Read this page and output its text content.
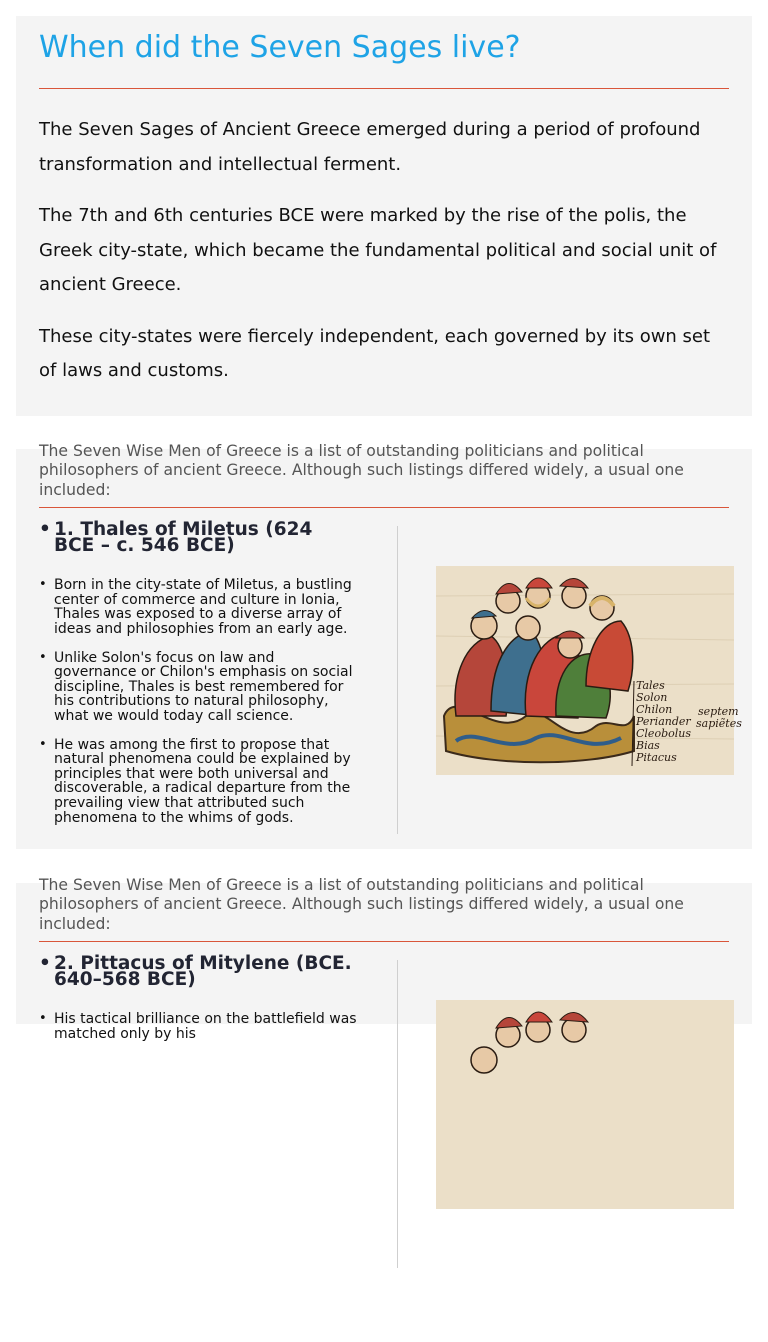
When did the Seven Sages live?

The Seven Sages of Ancient Greece emerged during a period of profound transformation and intellectual ferment.

The 7th and 6th centuries BCE were marked by the rise of the polis, the Greek city-state, which became the fundamental political and social unit of ancient Greece.

These city-states were fiercely independent, each governed by its own set of laws and customs.

The Seven Wise Men of Greece is a list of outstanding politicians and political philosophers of ancient Greece. Although such listings differed widely, a usual one included:

• 1. Thales of Miletus (624 BCE – c. 546 BCE)
• Born in the city-state of Miletus, a bustling center of commerce and culture in Ionia, Thales was exposed to a diverse array of ideas and philosophies from an early age.
• Unlike Solon's focus on law and governance or Chilon's emphasis on social discipline, Thales is best remembered for his contributions to natural philosophy, what we would today call science.
• He was among the first to propose that natural phenomena could be explained by principles that were both universal and discoverable, a radical departure from the prevailing view that attributed such phenomena to the whims of gods.
Tales
Solon
Chilon
Periander
Cleobolus
Bias
Pitacus
septem
sapiẽtes

The Seven Wise Men of Greece is a list of outstanding politicians and political philosophers of ancient Greece. Although such listings differed widely, a usual one included:

• 2. Pittacus of Mitylene (BCE. 640–568 BCE)
• His tactical brilliance on the battlefield was matched only by his
